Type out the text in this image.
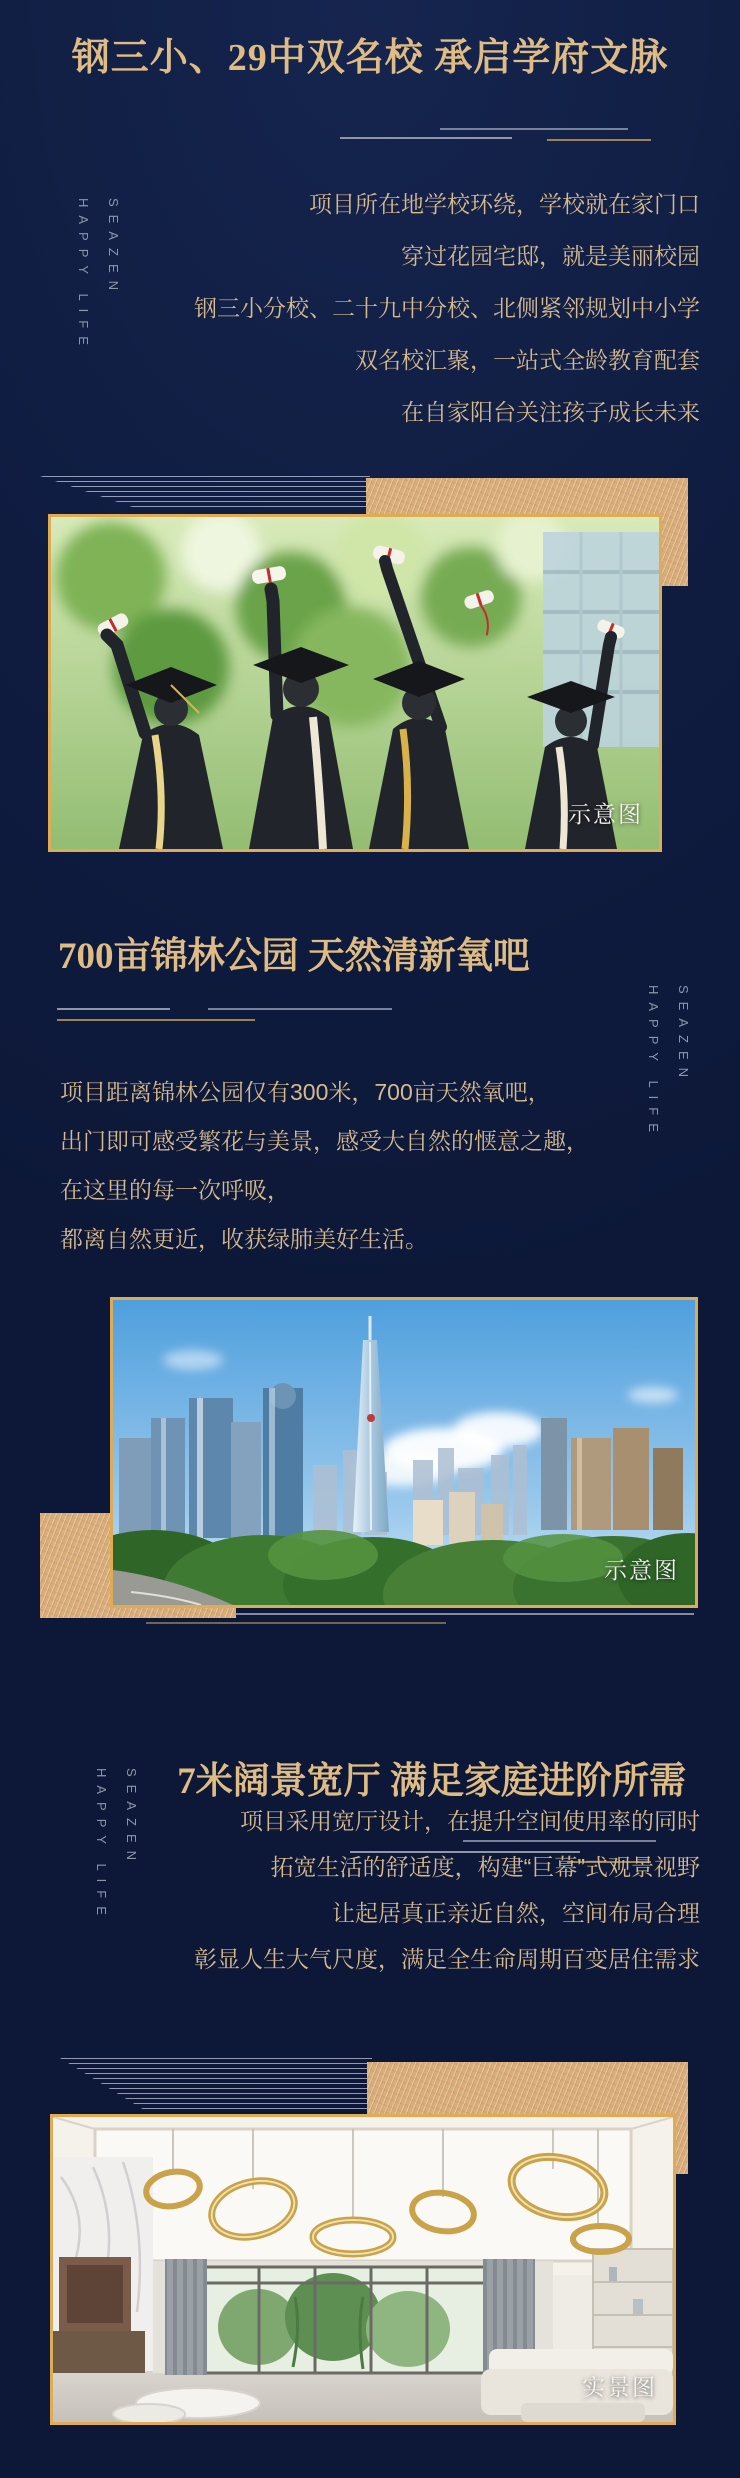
钢三小、29中双名校 承启学府文脉
SEAZEN
HAPPY LIFE	项目所在地学校环绕，学校就在家门口

穿过花园宅邸，就是美丽校园

钢三小分校、二十九中分校、北侧紧邻规划中小学

双名校汇聚，一站式全龄教育配套

在自家阳台关注孩子成长未来

示意图
700亩锦林公园 天然清新氧吧
SEAZEN
HAPPY LIFE

项目距离锦林公园仅有300米，700亩天然氧吧，

出门即可感受繁花与美景，感受大自然的惬意之趣，

在这里的每一次呼吸，

都离自然更近，收获绿肺美好生活。

示意图
7米阔景宽厅 满足家庭进阶所需
SEAZEN
HAPPY LIFE	项目采用宽厅设计，在提升空间使用率的同时

拓宽生活的舒适度，构建“巨幕”式观景视野

让起居真正亲近自然，空间布局合理

彰显人生大气尺度，满足全生命周期百变居住需求

实景图
